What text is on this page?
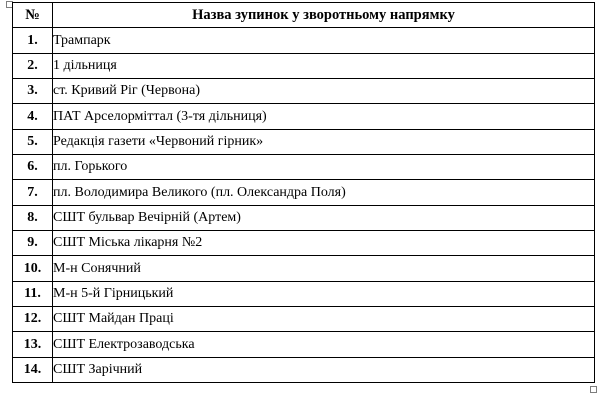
№	Назва зупинок у зворотньому напрямку
1.	Трампарк
2.	1 дільниця
3.	ст. Кривий Ріг (Червона)
4.	ПАТ Арселорміттал (3-тя дільниця)
5.	Редакція газети «Червоний гірник»
6.	пл. Горького
7.	пл. Володимира Великого (пл. Олександра Поля)
8.	СШТ бульвар Вечірній (Артем)
9.	СШТ Міська лікарня №2
10.	М-н Сонячний
11.	М-н 5-й Гірницький
12.	СШТ Майдан Праці
13.	СШТ Електрозаводська
14.	СШТ Зарічний
